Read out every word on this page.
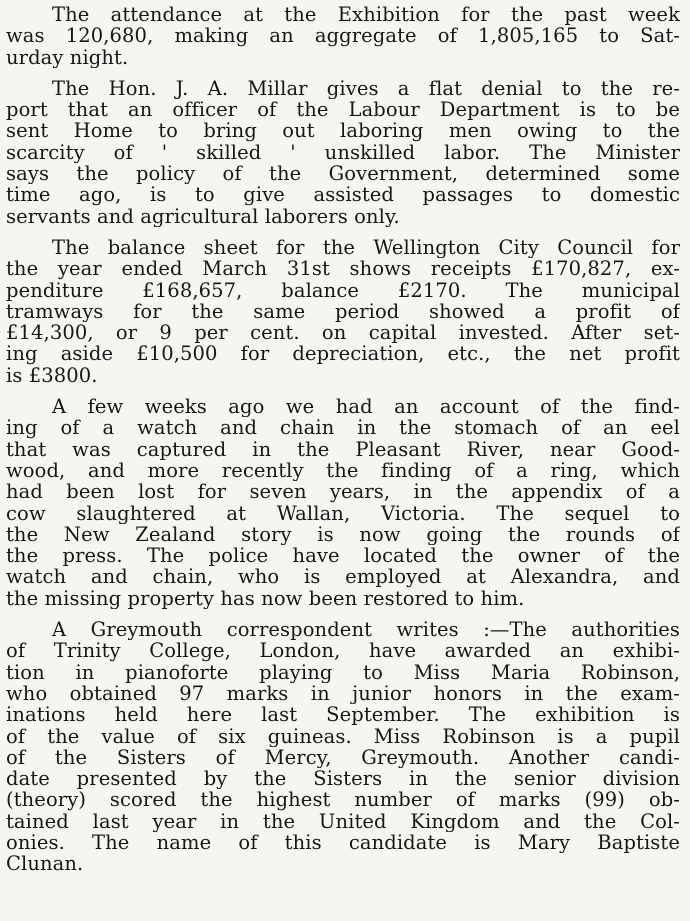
The attendance at the Exhibition for the past week
was 120,680, making an aggregate of 1,805,165 to Sat-
urday night.
The Hon. J. A. Millar gives a flat denial to the re-
port that an officer of the Labour Department is to be
sent Home to bring out laboring men owing to the
scarcity of ' skilled ' unskilled labor. The Minister
says the policy of the Government, determined some
time ago, is to give assisted passages to domestic
servants and agricultural laborers only.
The balance sheet for the Wellington City Council for
the year ended March 31st shows receipts £170,827, ex-
penditure £168,657, balance £2170. The municipal
tramways for the same period showed a profit of
£14,300, or 9 per cent. on capital invested. After set-
ing aside £10,500 for depreciation, etc., the net profit
is £3800.
A few weeks ago we had an account of the find-
ing of a watch and chain in the stomach of an eel
that was captured in the Pleasant River, near Good-
wood, and more recently the finding of a ring, which
had been lost for seven years, in the appendix of a
cow slaughtered at Wallan, Victoria. The sequel to
the New Zealand story is now going the rounds of
the press. The police have located the owner of the
watch and chain, who is employed at Alexandra, and
the missing property has now been restored to him.
A Greymouth correspondent writes :—The authorities
of Trinity College, London, have awarded an exhibi-
tion in pianoforte playing to Miss Maria Robinson,
who obtained 97 marks in junior honors in the exam-
inations held here last September. The exhibition is
of the value of six guineas. Miss Robinson is a pupil
of the Sisters of Mercy, Greymouth. Another candi-
date presented by the Sisters in the senior division
(theory) scored the highest number of marks (99) ob-
tained last year in the United Kingdom and the Col-
onies. The name of this candidate is Mary Baptiste
Clunan.
